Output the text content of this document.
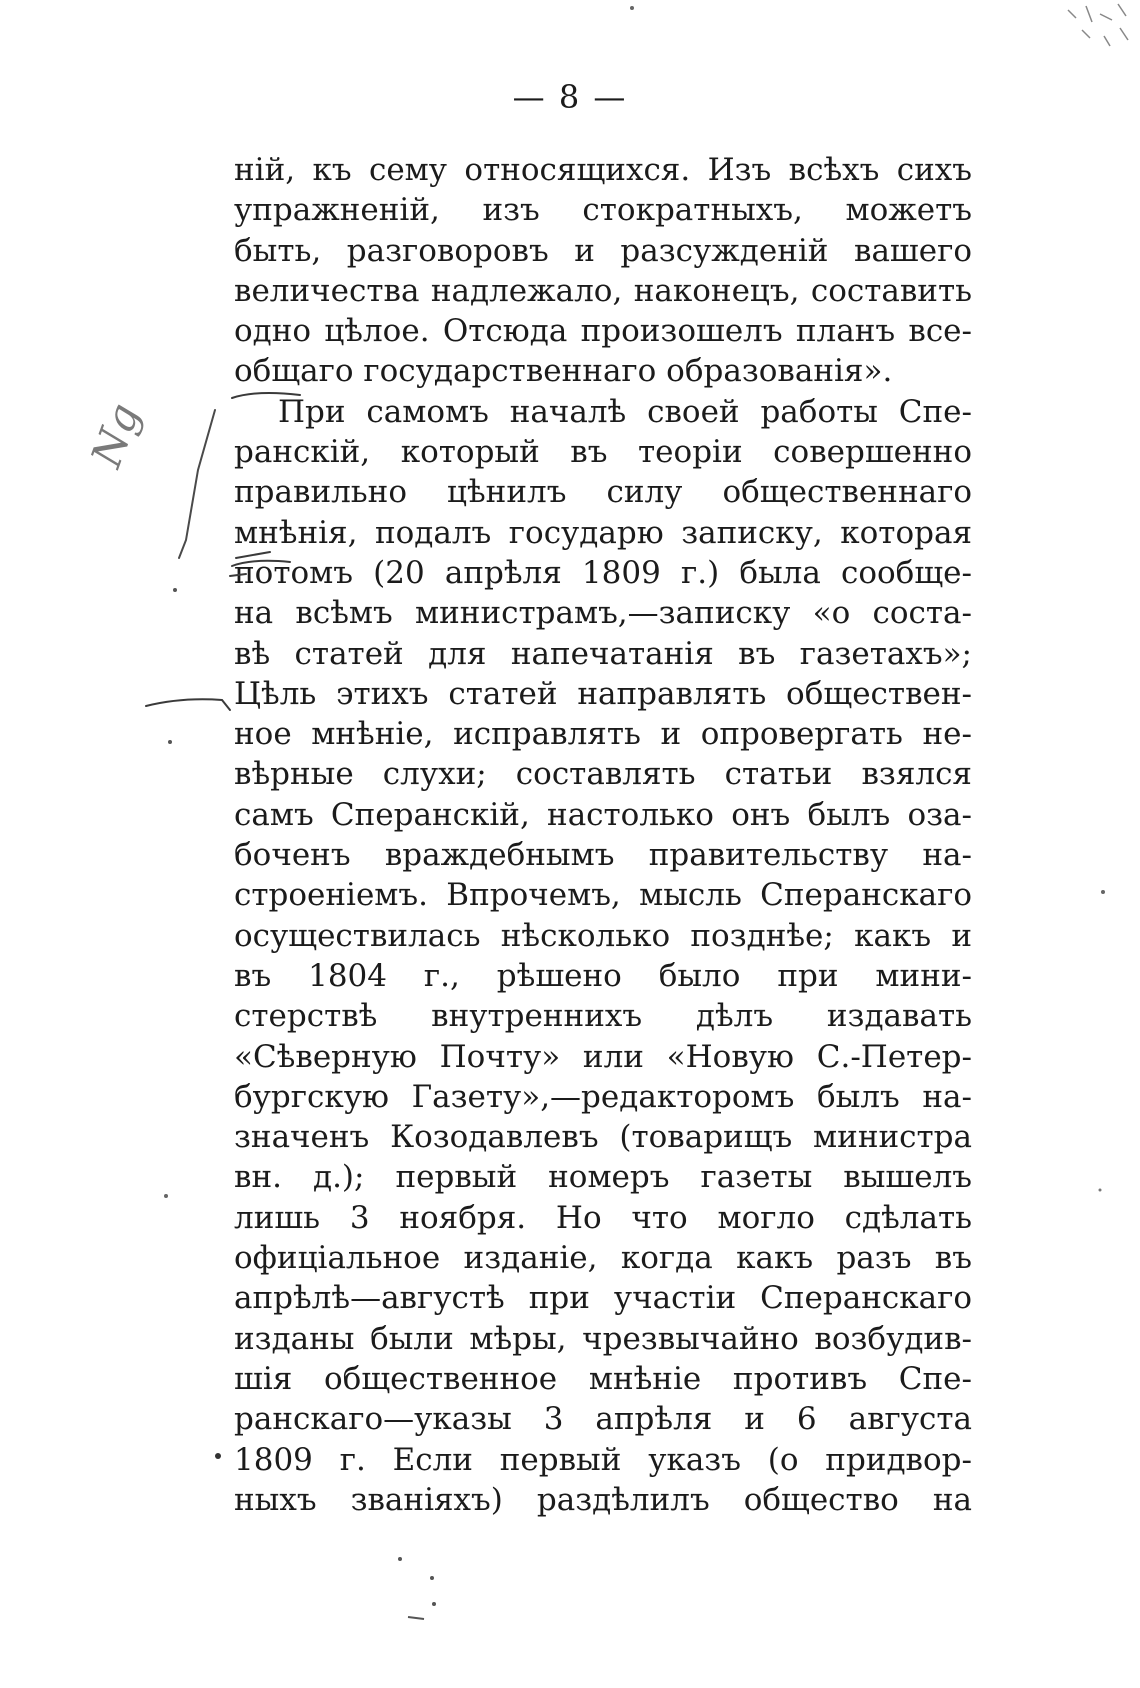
— 8 —
ній, къ сему относящихся. Изъ всѣхъ сихъ
упражненій, изъ стократныхъ, можетъ
быть, разговоровъ и разсужденій вашего
величества надлежало, наконецъ, составить
одно цѣлое. Отсюда произошелъ планъ все-
общаго государственнаго образованія».
При самомъ началѣ своей работы Спе-
ранскій, который въ теоріи совершенно
правильно цѣнилъ силу общественнаго
мнѣнія, подалъ государю записку, которая
потомъ (20 апрѣля 1809 г.) была сообще-
на всѣмъ министрамъ,—записку «о соста-
вѣ статей для напечатанія въ газетахъ»;
Цѣль этихъ статей направлять обществен-
ное мнѣніе, исправлять и опровергать не-
вѣрные слухи; составлять статьи взялся
самъ Сперанскій, настолько онъ былъ оза-
боченъ враждебнымъ правительству на-
строеніемъ. Впрочемъ, мысль Сперанскаго
осуществилась нѣсколько позднѣе; какъ и
въ 1804 г., рѣшено было при мини-
стерствѣ внутреннихъ дѣлъ издавать
«Сѣверную Почту» или «Новую С.-Петер-
бургскую Газету»,—редакторомъ былъ на-
значенъ Козодавлевъ (товарищъ министра
вн. д.); первый номеръ газеты вышелъ
лишь 3 ноября. Но что могло сдѣлать
офиціальное изданіе, когда какъ разъ въ
апрѣлѣ—августѣ при участіи Сперанскаго
изданы были мѣры, чрезвычайно возбудив-
шія общественное мнѣніе противъ Спе-
ранскаго—указы 3 апрѣля и 6 августа
1809 г. Если первый указъ (о придвор-
ныхъ званіяхъ) раздѣлилъ общество на
Ng
